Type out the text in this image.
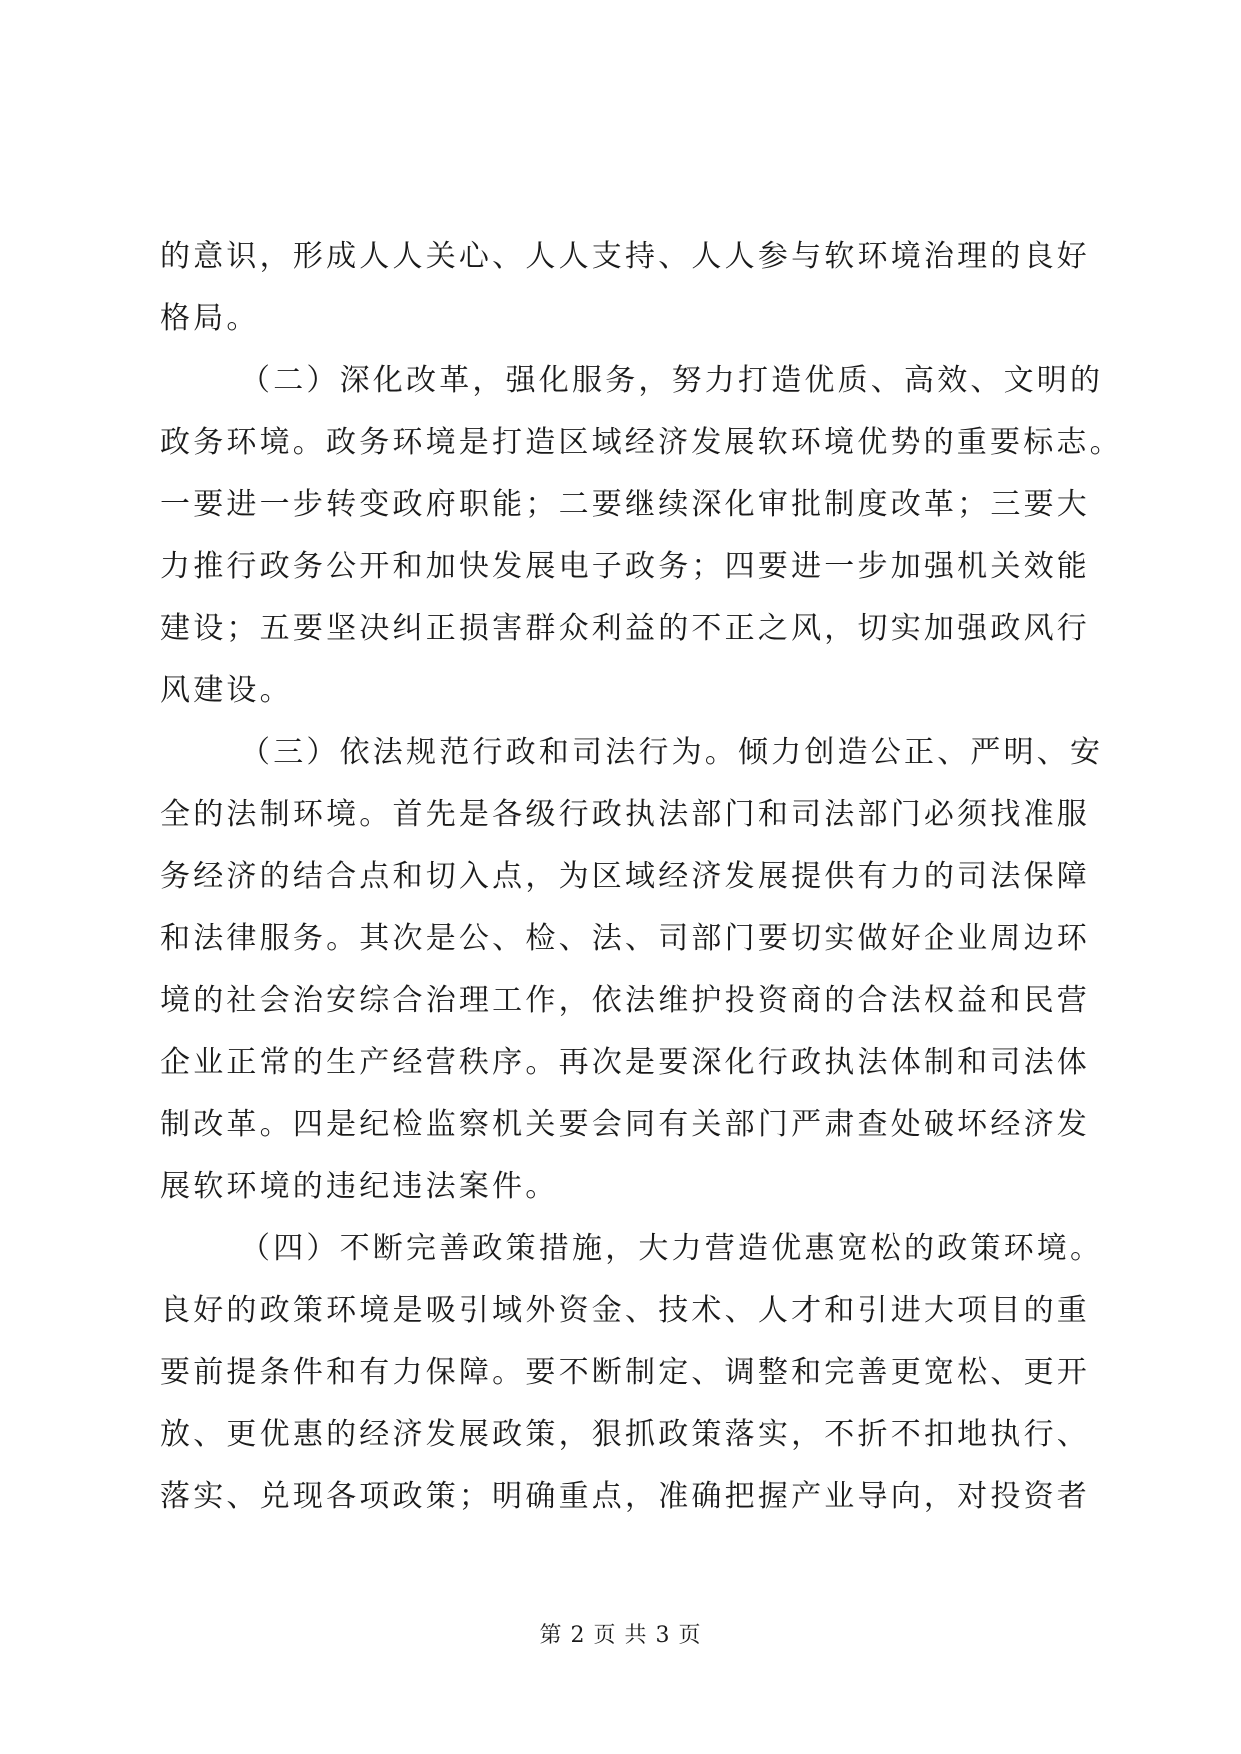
的意识，形成人人关心、人人支持、人人参与软环境治理的良好
格局。
（二）深化改革，强化服务，努力打造优质、高效、文明的
政务环境。政务环境是打造区域经济发展软环境优势的重要标志。
一要进一步转变政府职能；二要继续深化审批制度改革；三要大
力推行政务公开和加快发展电子政务；四要进一步加强机关效能
建设；五要坚决纠正损害群众利益的不正之风，切实加强政风行
风建设。
（三）依法规范行政和司法行为。倾力创造公正、严明、安
全的法制环境。首先是各级行政执法部门和司法部门必须找准服
务经济的结合点和切入点，为区域经济发展提供有力的司法保障
和法律服务。其次是公、检、法、司部门要切实做好企业周边环
境的社会治安综合治理工作，依法维护投资商的合法权益和民营
企业正常的生产经营秩序。再次是要深化行政执法体制和司法体
制改革。四是纪检监察机关要会同有关部门严肃查处破坏经济发
展软环境的违纪违法案件。
（四）不断完善政策措施，大力营造优惠宽松的政策环境。
良好的政策环境是吸引域外资金、技术、人才和引进大项目的重
要前提条件和有力保障。要不断制定、调整和完善更宽松、更开
放、更优惠的经济发展政策，狠抓政策落实，不折不扣地执行、
落实、兑现各项政策；明确重点，准确把握产业导向，对投资者
第 2 页 共 3 页
